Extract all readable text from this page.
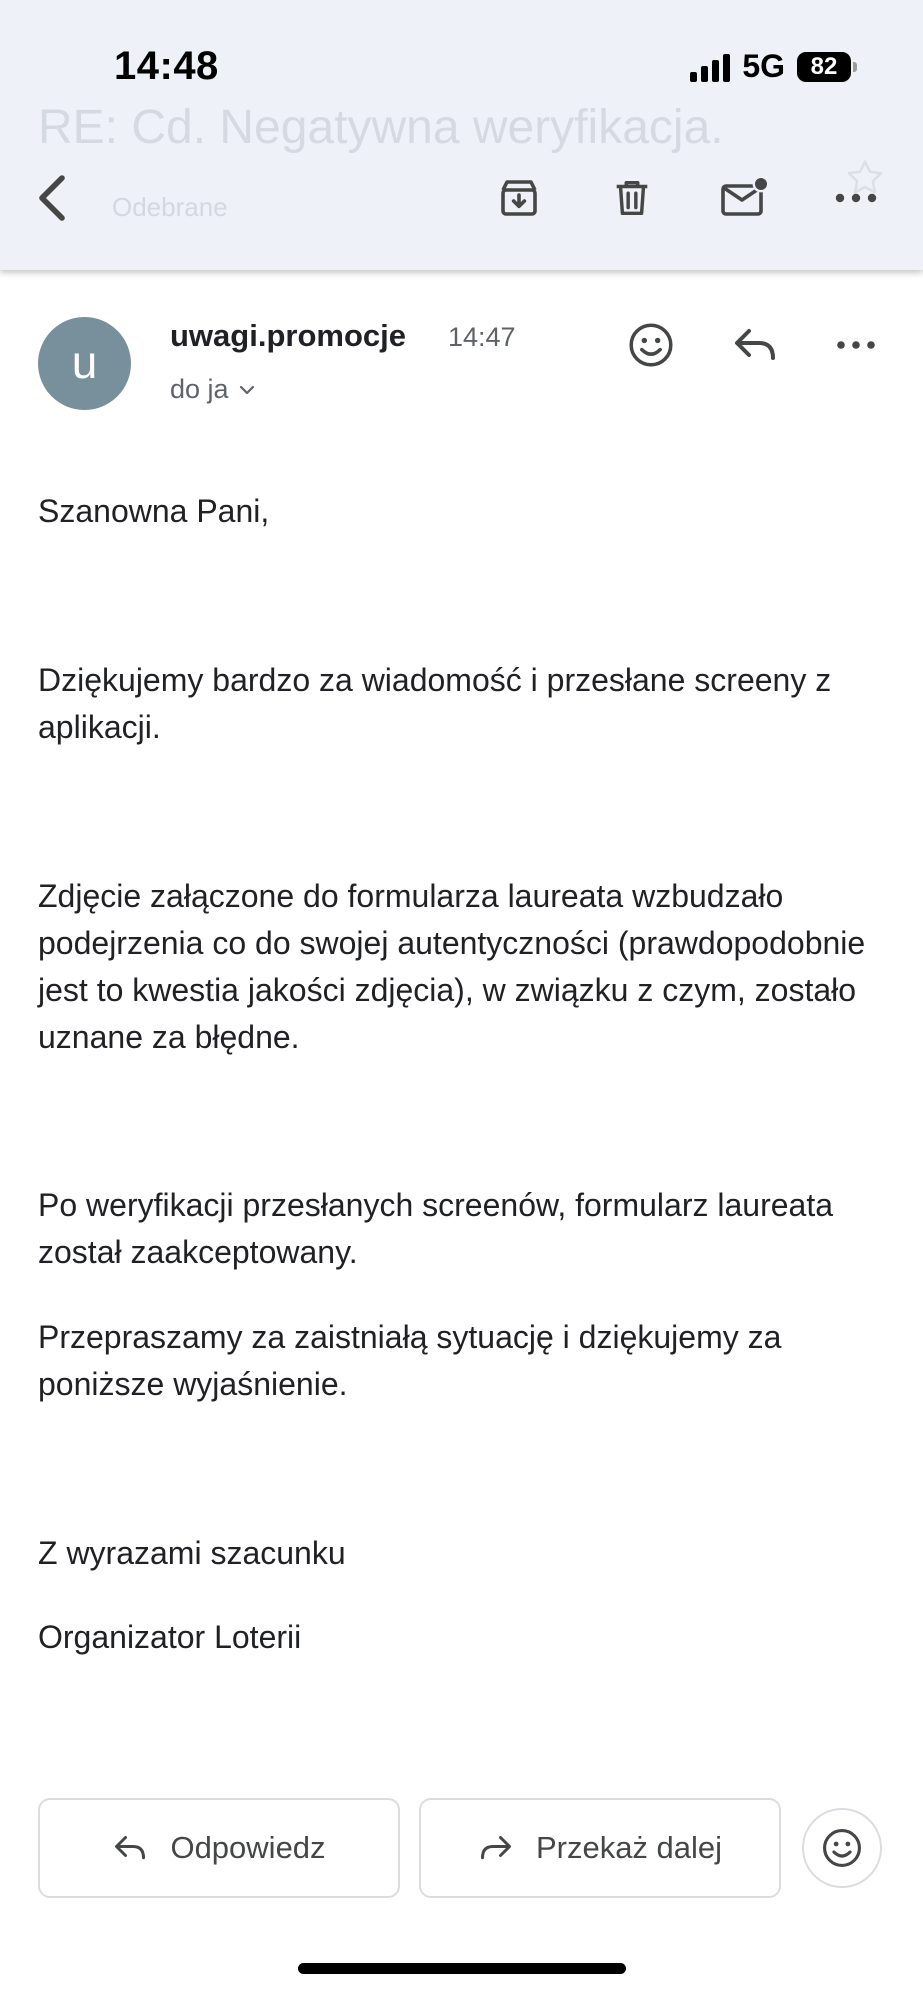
14:48	5G	82
RE: Cd. Negatywna weryfikacja.
Odebrane
u
uwagi.promocje 14:47
do ja
Szanowna Pani,
Dziękujemy bardzo za wiadomość i przesłane screeny z aplikacji.
Zdjęcie załączone do formularza laureata wzbudzało podejrzenia co do swojej autentyczności (prawdopodobnie jest to kwestia jakości zdjęcia), w związku z czym, zostało uznane za błędne.
Po weryfikacji przesłanych screenów, formularz laureata został zaakceptowany.
Przepraszamy za zaistniałą sytuację i dziękujemy za poniższe wyjaśnienie.
Z wyrazami szacunku
Organizator Loterii
Odpowiedz	Przekaż dalej
